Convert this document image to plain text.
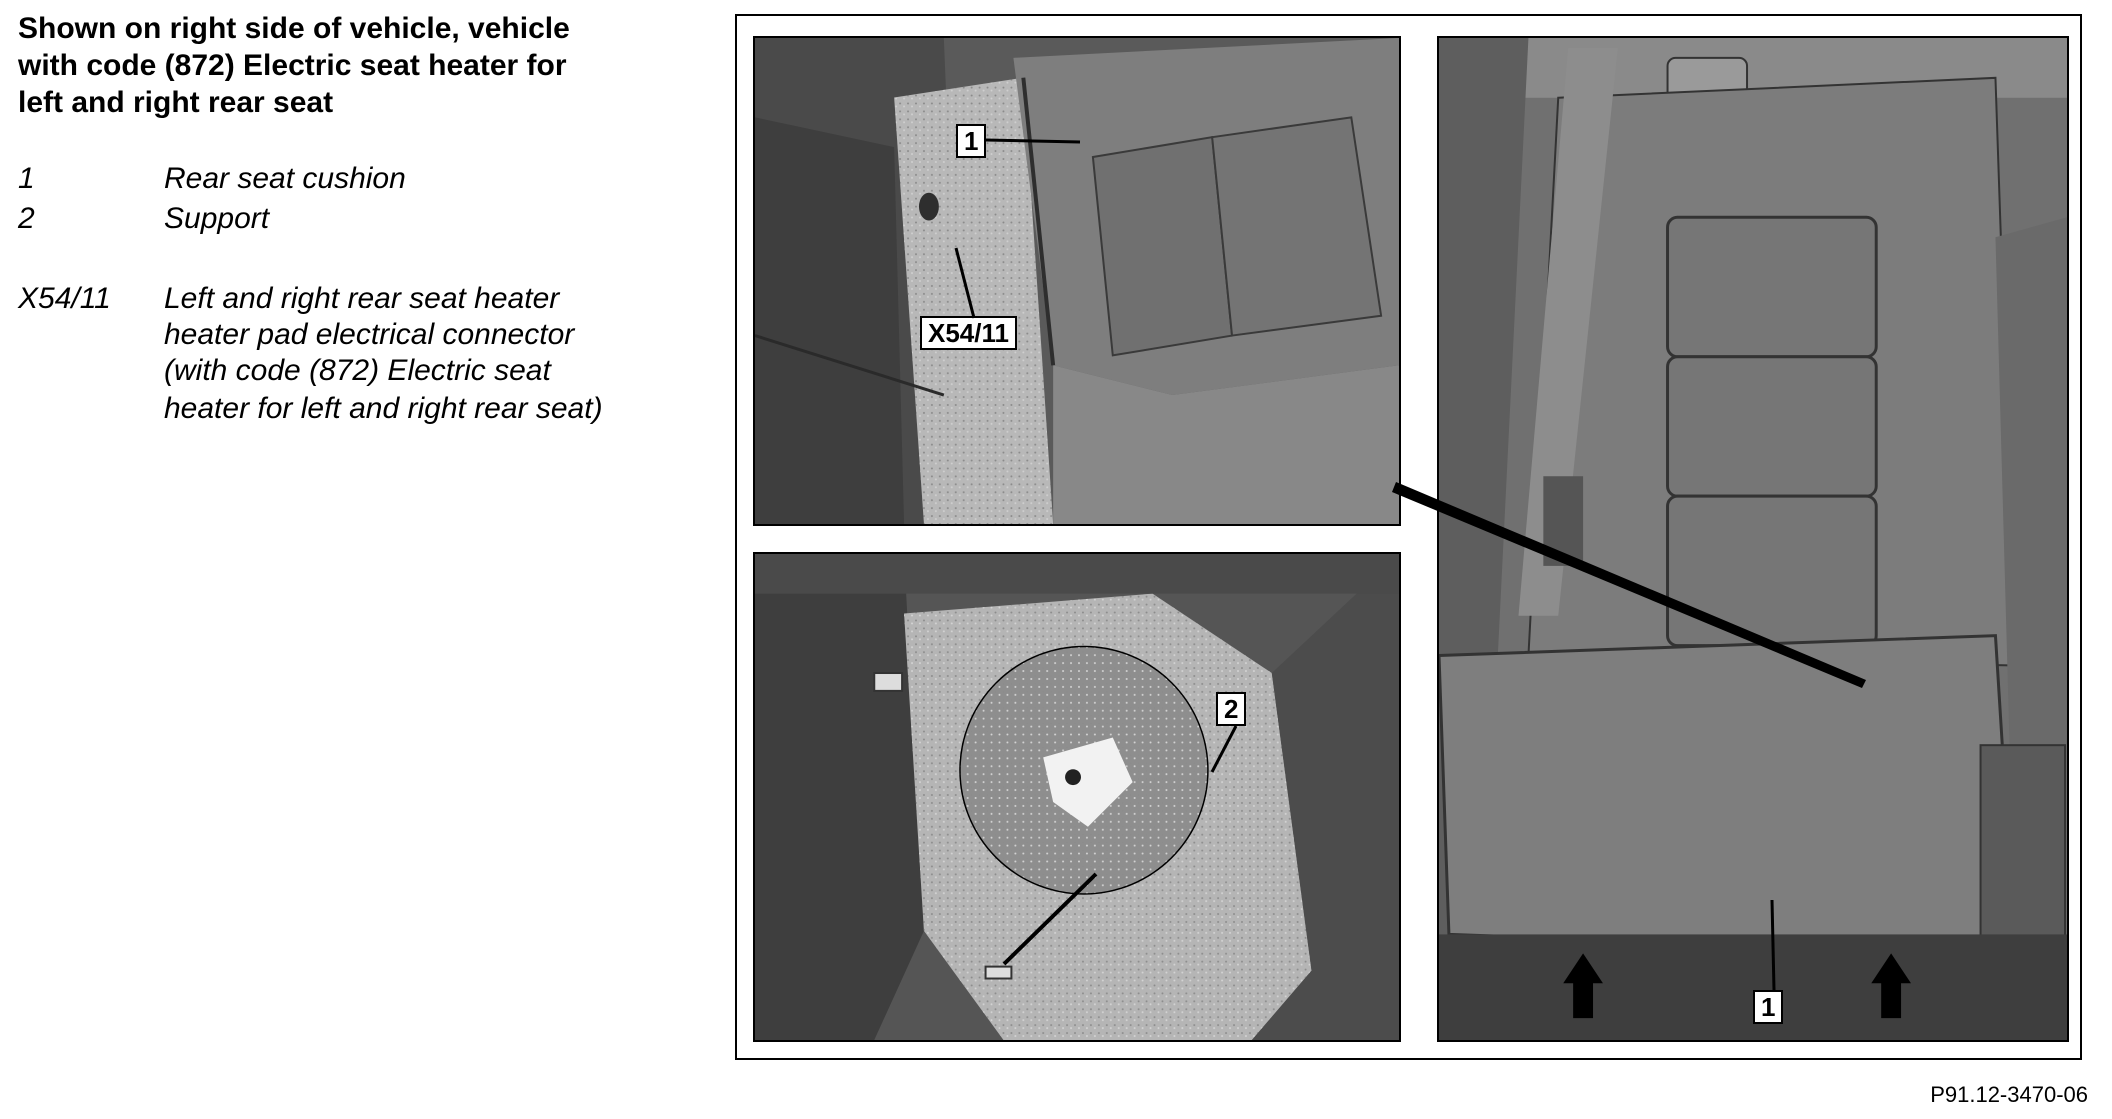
Shown on right side of vehicle, vehicle
with code (872) Electric seat heater for
left and right rear seat
1	Rear seat cushion
2	Support
X54/11 Left and right rear seat heater
heater pad electrical connector
(with code (872) Electric seat
heater for left and right rear seat)
1
X54/11
2
1
P91.12-3470-06
